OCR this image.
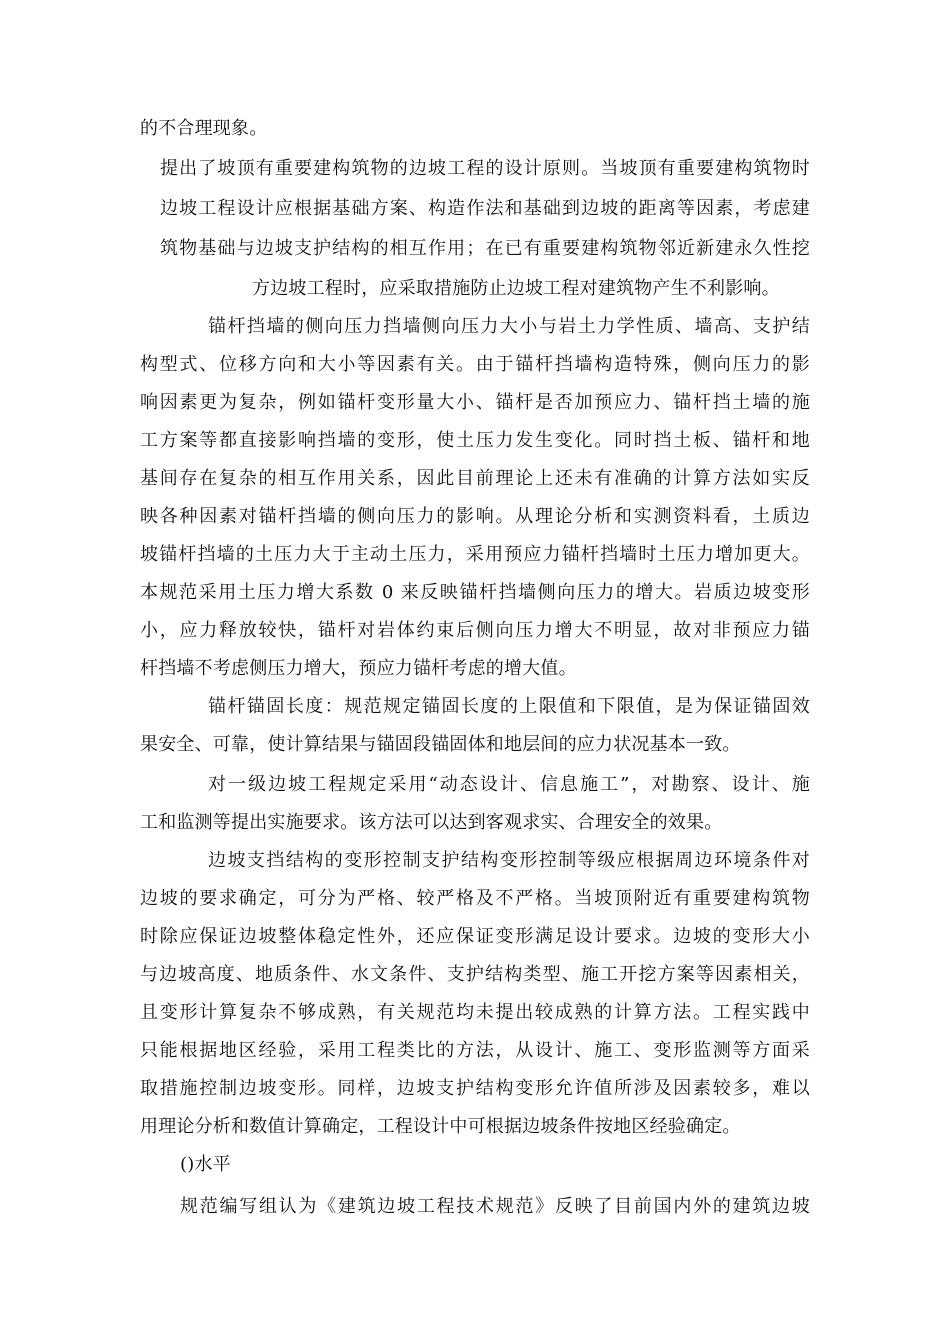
的不合理现象。
提出了坡顶有重要建构筑物的边坡工程的设计原则。当坡顶有重要建构筑物时
边坡工程设计应根据基础方案、构造作法和基础到边坡的距离等因素，考虑建
筑物基础与边坡支护结构的相互作用；在已有重要建构筑物邻近新建永久性挖
方边坡工程时，应采取措施防止边坡工程对建筑物产生不利影响。
锚杆挡墙的侧向压力挡墙侧向压力大小与岩土力学性质、墙高、支护结
构型式、位移方向和大小等因素有关。由于锚杆挡墙构造特殊，侧向压力的影
响因素更为复杂，例如锚杆变形量大小、锚杆是否加预应力、锚杆挡土墙的施
工方案等都直接影响挡墙的变形，使土压力发生变化。同时挡土板、锚杆和地
基间存在复杂的相互作用关系，因此目前理论上还未有准确的计算方法如实反
映各种因素对锚杆挡墙的侧向压力的影响。从理论分析和实测资料看，土质边
坡锚杆挡墙的土压力大于主动土压力，采用预应力锚杆挡墙时土压力增加更大。
本规范采用土压力增大系数 0 来反映锚杆挡墙侧向压力的增大。岩质边坡变形
小，应力释放较快，锚杆对岩体约束后侧向压力增大不明显，故对非预应力锚
杆挡墙不考虑侧压力增大，预应力锚杆考虑的增大值。
锚杆锚固长度：规范规定锚固长度的上限值和下限值，是为保证锚固效
果安全、可靠，使计算结果与锚固段锚固体和地层间的应力状况基本一致。
对一级边坡工程规定采用“动态设计、信息施工”，对勘察、设计、施
工和监测等提出实施要求。该方法可以达到客观求实、合理安全的效果。
边坡支挡结构的变形控制支护结构变形控制等级应根据周边环境条件对
边坡的要求确定，可分为严格、较严格及不严格。当坡顶附近有重要建构筑物
时除应保证边坡整体稳定性外，还应保证变形满足设计要求。边坡的变形大小
与边坡高度、地质条件、水文条件、支护结构类型、施工开挖方案等因素相关，
且变形计算复杂不够成熟，有关规范均未提出较成熟的计算方法。工程实践中
只能根据地区经验，采用工程类比的方法，从设计、施工、变形监测等方面采
取措施控制边坡变形。同样，边坡支护结构变形允许值所涉及因素较多，难以
用理论分析和数值计算确定，工程设计中可根据边坡条件按地区经验确定。
()水平
规范编写组认为《建筑边坡工程技术规范》反映了目前国内外的建筑边坡
